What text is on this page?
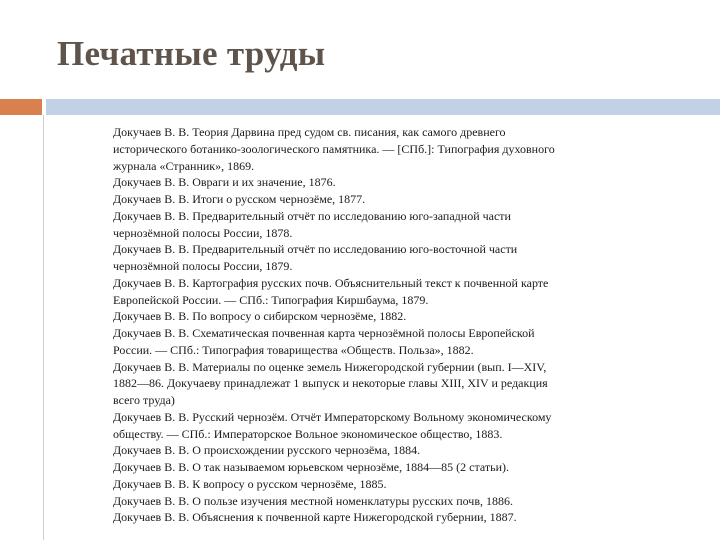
Печатные труды
Докучаев В. В. Теория Дарвина пред судом св. писания, как самого древнего
исторического ботанико-зоологического памятника. — [СПб.]: Типография духовного
журнала «Странник», 1869.
Докучаев В. В. Овраги и их значение, 1876.
Докучаев В. В. Итоги о русском чернозёме, 1877.
Докучаев В. В. Предварительный отчёт по исследованию юго-западной части
чернозёмной полосы России, 1878.
Докучаев В. В. Предварительный отчёт по исследованию юго-восточной части
чернозёмной полосы России, 1879.
Докучаев В. В. Картография русских почв. Объяснительный текст к почвенной карте
Европейской России. — СПб.: Типография Киршбаума, 1879.
Докучаев В. В. По вопросу о сибирском чернозёме, 1882.
Докучаев В. В. Схематическая почвенная карта чернозёмной полосы Европейской
России. — СПб.: Типография товарищества «Обществ. Польза», 1882.
Докучаев В. В. Материалы по оценке земель Нижегородской губернии (вып. I—XIV,
1882—86. Докучаеву принадлежат 1 выпуск и некоторые главы XIII, XIV и редакция
всего труда)
Докучаев В. В. Русский чернозём. Отчёт Императорскому Вольному экономическому
обществу. — СПб.: Императорское Вольное экономическое общество, 1883.
Докучаев В. В. О происхождении русского чернозёма, 1884.
Докучаев В. В. О так называемом юрьевском чернозёме, 1884—85 (2 статьи).
Докучаев В. В. К вопросу о русском чернозёме, 1885.
Докучаев В. В. О пользе изучения местной номенклатуры русских почв, 1886.
Докучаев В. В. Объяснения к почвенной карте Нижегородской губернии, 1887.
